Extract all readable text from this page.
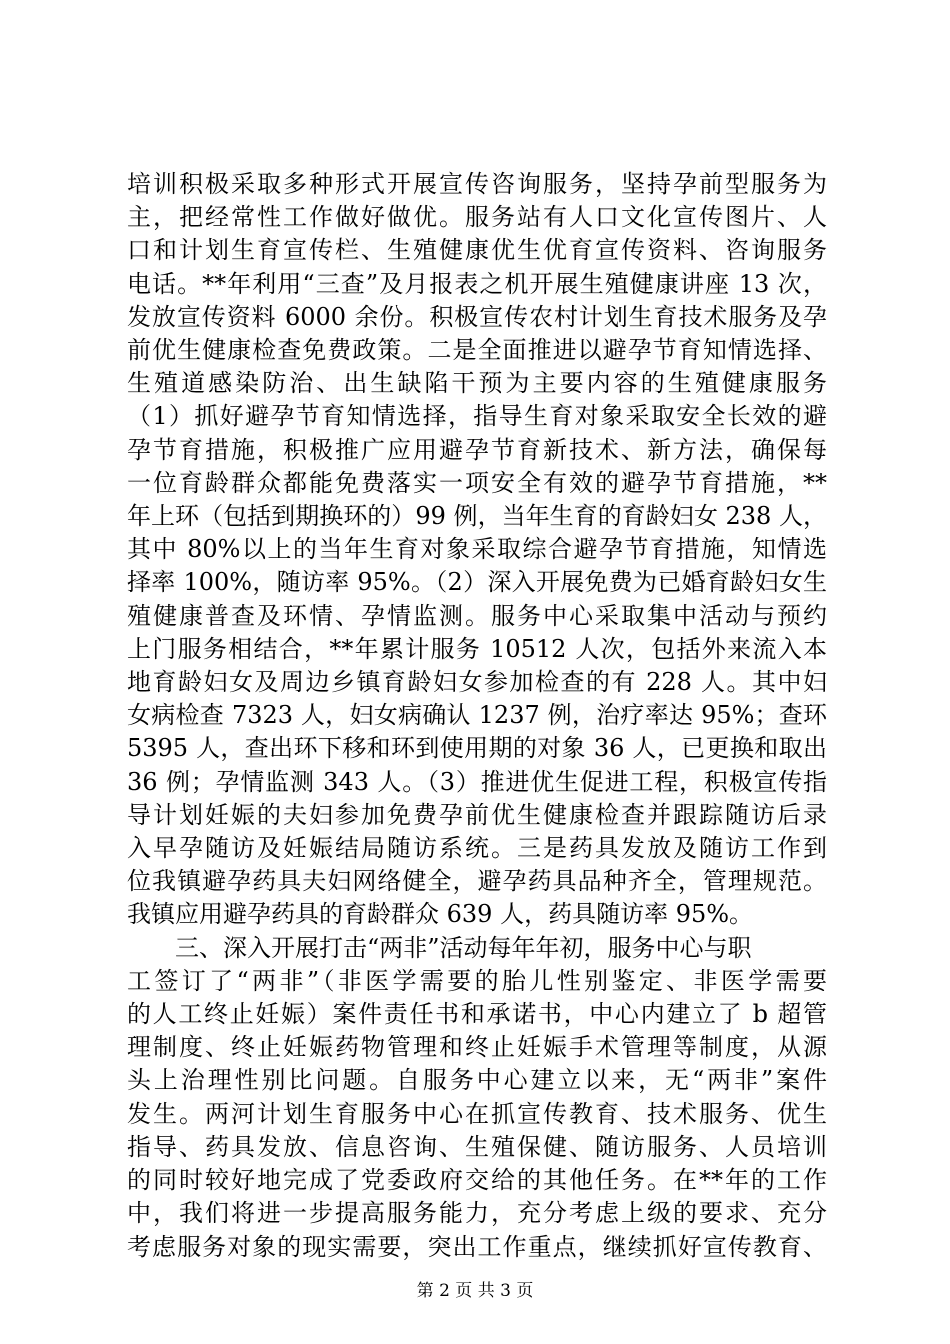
培训积极采取多种形式开展宣传咨询服务，坚持孕前型服务为
主，把经常性工作做好做优。服务站有人口文化宣传图片、人
口和计划生育宣传栏、生殖健康优生优育宣传资料、咨询服务
电话。**年利用“三查”及月报表之机开展生殖健康讲座 13 次，
发放宣传资料 6000 余份。积极宣传农村计划生育技术服务及孕
前优生健康检查免费政策。二是全面推进以避孕节育知情选择、
生殖道感染防治、出生缺陷干预为主要内容的生殖健康服务
（1）抓好避孕节育知情选择，指导生育对象采取安全长效的避
孕节育措施，积极推广应用避孕节育新技术、新方法，确保每
一位育龄群众都能免费落实一项安全有效的避孕节育措施，**
年上环（包括到期换环的）99 例，当年生育的育龄妇女 238 人，
其中 80%以上的当年生育对象采取综合避孕节育措施，知情选
择率 100%，随访率 95%。（2）深入开展免费为已婚育龄妇女生
殖健康普查及环情、孕情监测。服务中心采取集中活动与预约
上门服务相结合，**年累计服务 10512 人次，包括外来流入本
地育龄妇女及周边乡镇育龄妇女参加检查的有 228 人。其中妇
女病检查 7323 人，妇女病确认 1237 例，治疗率达 95%；查环
5395 人，查出环下移和环到使用期的对象 36 人，已更换和取出
36 例；孕情监测 343 人。（3）推进优生促进工程，积极宣传指
导计划妊娠的夫妇参加免费孕前优生健康检查并跟踪随访后录
入早孕随访及妊娠结局随访系统。三是药具发放及随访工作到
位我镇避孕药具夫妇网络健全，避孕药具品种齐全，管理规范。
我镇应用避孕药具的育龄群众 639 人，药具随访率 95%。
三、深入开展打击“两非”活动每年年初，服务中心与职
工签订了“两非”（非医学需要的胎儿性别鉴定、非医学需要
的人工终止妊娠）案件责任书和承诺书，中心内建立了 b 超管
理制度、终止妊娠药物管理和终止妊娠手术管理等制度，从源
头上治理性别比问题。自服务中心建立以来，无“两非”案件
发生。两河计划生育服务中心在抓宣传教育、技术服务、优生
指导、药具发放、信息咨询、生殖保健、随访服务、人员培训
的同时较好地完成了党委政府交给的其他任务。在**年的工作
中，我们将进一步提高服务能力，充分考虑上级的要求、充分
考虑服务对象的现实需要，突出工作重点，继续抓好宣传教育、
第 2 页 共 3 页
